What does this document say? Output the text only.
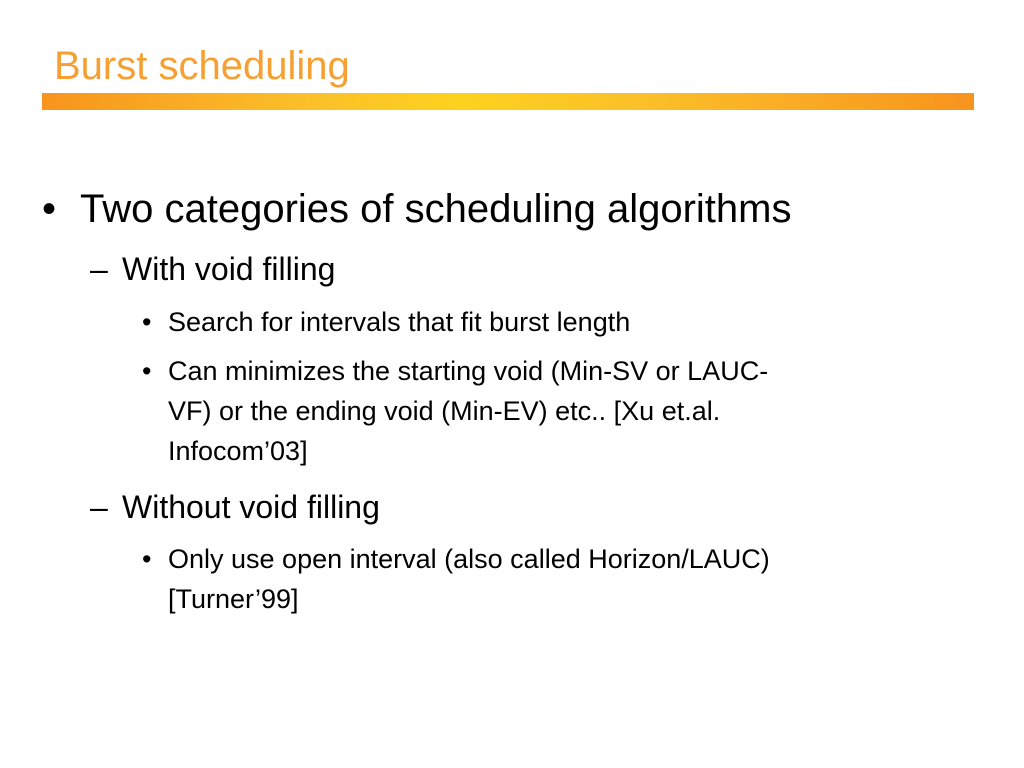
Burst scheduling
• Two categories of scheduling algorithms
– With void filling
• Search for intervals that fit burst length
• Can minimizes the starting void (Min-SV or LAUC-
VF) or the ending void (Min-EV) etc.. [Xu et.al.
Infocom’03]
– Without void filling
• Only use open interval (also called Horizon/LAUC)
[Turner’99]
